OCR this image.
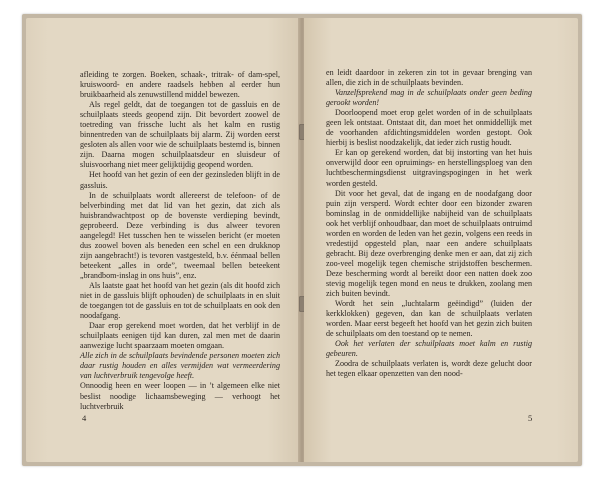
afleiding te zorgen. Boeken, schaak-, tritrak- of dam-spel, kruiswoord- en andere raadsels hebben al eerder hun bruikbaarheid als zenuwstillend middel bewezen.

Als regel geldt, dat de toegangen tot de gassluis en de schuilplaats steeds geopend zijn. Dit bevordert zoowel de toetreding van frissche lucht als het kalm en rustig binnentreden van de schuilplaats bij alarm. Zij worden eerst gesloten als allen voor wie de schuilplaats bestemd is, binnen zijn. Daarna mogen schuilplaatsdeur en sluisdeur of sluisvoorhang niet meer gelijktijdig geopend worden.

Het hoofd van het gezin of een der gezinsleden blijft in de gassluis.

In de schuilplaats wordt allereerst de telefoon- of de belverbinding met dat lid van het gezin, dat zich als huisbrandwachtpost op de bovenste verdieping bevindt, geprobeerd. Deze verbinding is dus alweer tevoren aangelegd! Het tusschen hen te wisselen bericht (er moeten dus zoowel boven als beneden een schel en een drukknop zijn aangebracht!) is tevoren vastgesteld, b.v. éénmaal bellen beteekent „alles in orde”, tweemaal bellen beteekent „brandbom-inslag in ons huis”, enz.

Als laatste gaat het hoofd van het gezin (als dit hoofd zich niet in de gassluis blijft ophouden) de schuilplaats in en sluit de toegangen tot de gassluis en tot de schuilplaats en ook den noodafgang.

Daar erop gerekend moet worden, dat het verblijf in de schuilplaats eenigen tijd kan duren, zal men met de daarin aanwezige lucht spaarzaam moeten omgaan.

Alle zich in de schuilplaats bevindende personen moeten zich daar rustig houden en alles vermijden wat vermeerdering van luchtverbruik tengevolge heeft.

Onnoodig heen en weer loopen — in ’t algemeen elke niet beslist noodige lichaamsbeweging — verhoogt het luchtverbruik

4

en leidt daardoor in zekeren zin tot in gevaar brenging van allen, die zich in de schuilplaats bevinden.

Vanzelfsprekend mag in de schuilplaats onder geen beding gerookt worden!

Doorloopend moet erop gelet worden of in de schuilplaats geen lek ontstaat. Ontstaat dit, dan moet het onmiddellijk met de voorhanden afdichtingsmiddelen worden gestopt. Ook hierbij is beslist noodzakelijk, dat ieder zich rustig houdt.

Er kan op gerekend worden, dat bij instorting van het huis onverwijld door een opruimings- en herstellingsploeg van den luchtbeschermingsdienst uitgravingspogingen in het werk worden gesteld.

Dit voor het geval, dat de ingang en de noodafgang door puin zijn versperd. Wordt echter door een bizonder zwaren bominslag in de onmiddellijke nabijheid van de schuilplaats ook het verblijf onhoudbaar, dan moet de schuilplaats ontruimd worden en worden de leden van het gezin, volgens een reeds in vredestijd opgesteld plan, naar een andere schuilplaats gebracht. Bij deze overbrenging denke men er aan, dat zij zich zoo-veel mogelijk tegen chemische strijdstoffen beschermen. Deze bescherming wordt al bereikt door een natten doek zoo stevig mogelijk tegen mond en neus te drukken, zoolang men zich buiten bevindt.

Wordt het sein „luchtalarm geëindigd” (luiden der kerkklokken) gegeven, dan kan de schuilplaats verlaten worden. Maar eerst begeeft het hoofd van het gezin zich buiten de schuilplaats om den toestand op te nemen.

Ook het verlaten der schuilplaats moet kalm en rustig gebeuren.

Zoodra de schuilplaats verlaten is, wordt deze gelucht door het tegen elkaar openzetten van den nood-

5
